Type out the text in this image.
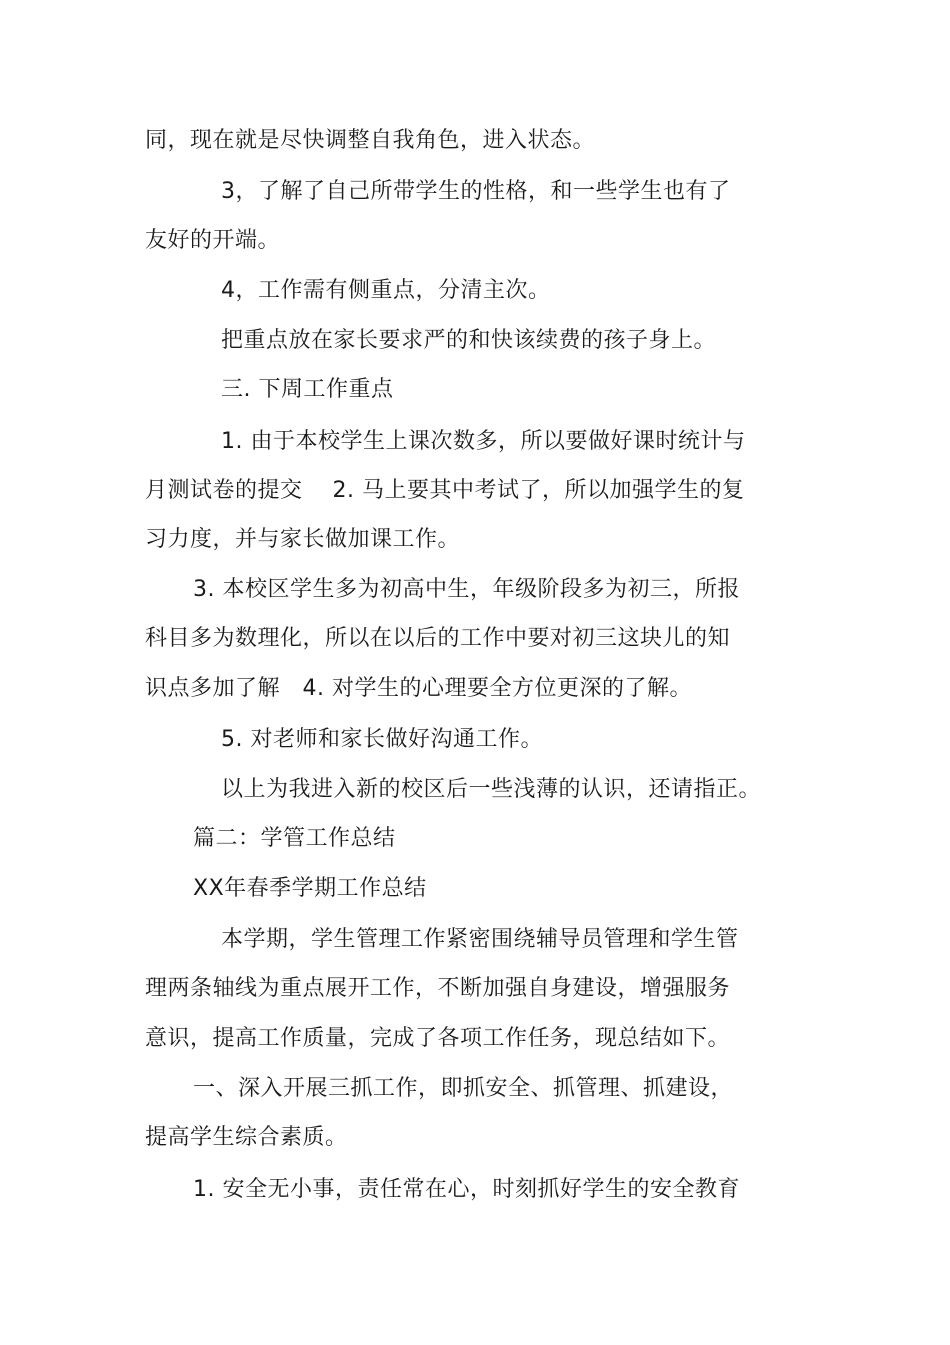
同，现在就是尽快调整自我角色，进入状态。
3，了解了自己所带学生的性格，和一些学生也有了
友好的开端。
4，工作需有侧重点，分清主次。
把重点放在家长要求严的和快该续费的孩子身上。
三. 下周工作重点
1. 由于本校学生上课次数多，所以要做好课时统计与
月测试卷的提交　 2. 马上要其中考试了，所以加强学生的复
习力度，并与家长做加课工作。
3. 本校区学生多为初高中生，年级阶段多为初三，所报
科目多为数理化，所以在以后的工作中要对初三这块儿的知
识点多加了解　4. 对学生的心理要全方位更深的了解。
5. 对老师和家长做好沟通工作。
以上为我进入新的校区后一些浅薄的认识，还请指正。
篇二：学管工作总结
XX年春季学期工作总结
本学期，学生管理工作紧密围绕辅导员管理和学生管
理两条轴线为重点展开工作，不断加强自身建设，增强服务
意识，提高工作质量，完成了各项工作任务，现总结如下。
一、深入开展三抓工作，即抓安全、抓管理、抓建设，
提高学生综合素质。
1. 安全无小事，责任常在心，时刻抓好学生的安全教育
